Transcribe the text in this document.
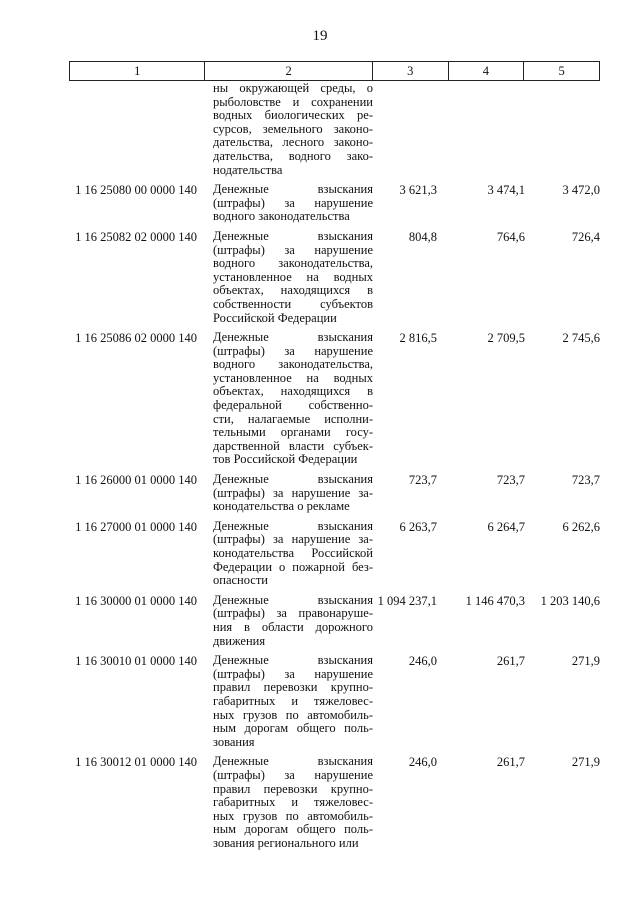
19
1	2	3	4	5
ны окружающей среды, о
рыболовстве и сохранении
водных биологических ре-
сурсов, земельного законо-
дательства, лесного законо-
дательства, водного зако-
нодательства
1 16 25080 00 0000 140	Денежные взыскания
(штрафы) за нарушение
водного законодательства
3 621,3	3 474,1	3 472,0
1 16 25082 02 0000 140	Денежные взыскания
(штрафы) за нарушение
водного законодательства,
установленное на водных
объектах, находящихся в
собственности субъектов
Российской Федерации
804,8	764,6	726,4
1 16 25086 02 0000 140	Денежные взыскания
(штрафы) за нарушение
водного законодательства,
установленное на водных
объектах, находящихся в
федеральной собственно-
сти, налагаемые исполни-
тельными органами госу-
дарственной власти субъек-
тов Российской Федерации
2 816,5	2 709,5	2 745,6
1 16 26000 01 0000 140	Денежные взыскания
(штрафы) за нарушение за-
конодательства о рекламе
723,7	723,7	723,7
1 16 27000 01 0000 140	Денежные взыскания
(штрафы) за нарушение за-
конодательства Российской
Федерации о пожарной без-
опасности
6 263,7	6 264,7	6 262,6
1 16 30000 01 0000 140	Денежные взыскания
(штрафы) за правонаруше-
ния в области дорожного
движения
1 094 237,1	1 146 470,3	1 203 140,6
1 16 30010 01 0000 140	Денежные взыскания
(штрафы) за нарушение
правил перевозки крупно-
габаритных и тяжеловес-
ных грузов по автомобиль-
ным дорогам общего поль-
зования
246,0	261,7	271,9
1 16 30012 01 0000 140	Денежные взыскания
(штрафы) за нарушение
правил перевозки крупно-
габаритных и тяжеловес-
ных грузов по автомобиль-
ным дорогам общего поль-
зования регионального или
246,0	261,7	271,9
